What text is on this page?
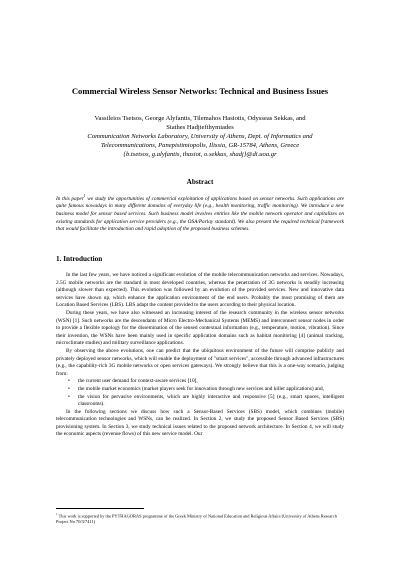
Commercial Wireless Sensor Networks: Technical and Business Issues
Vassileios Tsetsos, George Alyfantis, Tilemahos Hasiotis, Odysseas Sekkas, and
Stathes Hadjiefthymiades
Communication Networks Laboratory, University of Athens, Dept. of Informatics and
Telecommunications, Panepistimiopolis, Ilissia, GR-15784, Athens, Greece
{b.tsetsos, g.alyfantis, thasiot, o.sekkas, shadj}@di.uoa.gr
Abstract
In this paper$^1$ we study the opportunities of commercial exploitation of applications based on sensor networks. Such applications are quite famous nowadays in many different domains of everyday life (e.g., health monitoring, traffic monitoring). We introduce a new business model for sensor based services. Such business model involves entities like the mobile network operator and capitalizes on existing standards for application service providers (e.g., the OSA/Parlay standard). We also present the required technical framework that would facilitate the introduction and rapid adoption of the proposed business schemes.
1. Introduction

In the last few years, we have noticed a significant evolution of the mobile telecommunication networks and services. Nowadays, 2.5G mobile networks are the standard in most developed countries, whereas the penetration of 3G networks is steadily increasing (although slower than expected). This evolution was followed by an evolution of the provided services. New and innovative data services have shown up, which enhance the application environment of the end users. Probably the most promising of them are Location Based Services (LBS). LBS adapt the content provided to the users according to their physical location.

During these years, we have also witnessed an increasing interest of the research community in the wireless sensor networks (WSN) [1]. Such networks are the descendants of Micro Electro-Mechanical Systems (MEMS) and interconnect sensor nodes in order to provide a flexible topology for the dissemination of the sensed contextual information (e.g., temperature, motion, vibration). Since their invention, the WSNs have been mainly used in specific application domains such as habitat monitoring [4] (animal tracking, microclimate studies) and military surveillance applications.

By observing the above evolutions, one can predict that the ubiquitous environment of the future will comprise publicly and privately deployed sensor networks, which will enable the deployment of "smart services", accessible through advanced infrastructures (e.g., the capability-rich 3G mobile networks or open services gateways). We strongly believe that this is a one-way scenario, judging from:

• the current user demand for context-aware services [10],
• the mobile market economics (market players seek for innovation through new services and killer applications) and,
• the vision for pervasive environments, which are highly interactive and responsive [5] (e.g., smart spaces, intelligent classrooms).

In the following sections we discuss how such a Sensor-Based Services (SBS) model, which combines (mobile) telecommunication technologies and WSNs, can be realized. In Section 2, we study the proposed Sensor Based Services (SBS) provisioning system. In Section 3, we study technical issues related to the proposed network architecture. In Section 4, we will study the economic aspects (revenue flows) of this new service model. Our

$^1$ This work is supported by the PYTHAGORAS programme of the Greek Ministry of National Education and Religious Affairs (University of Athens Research Project No 70/3/7411)
